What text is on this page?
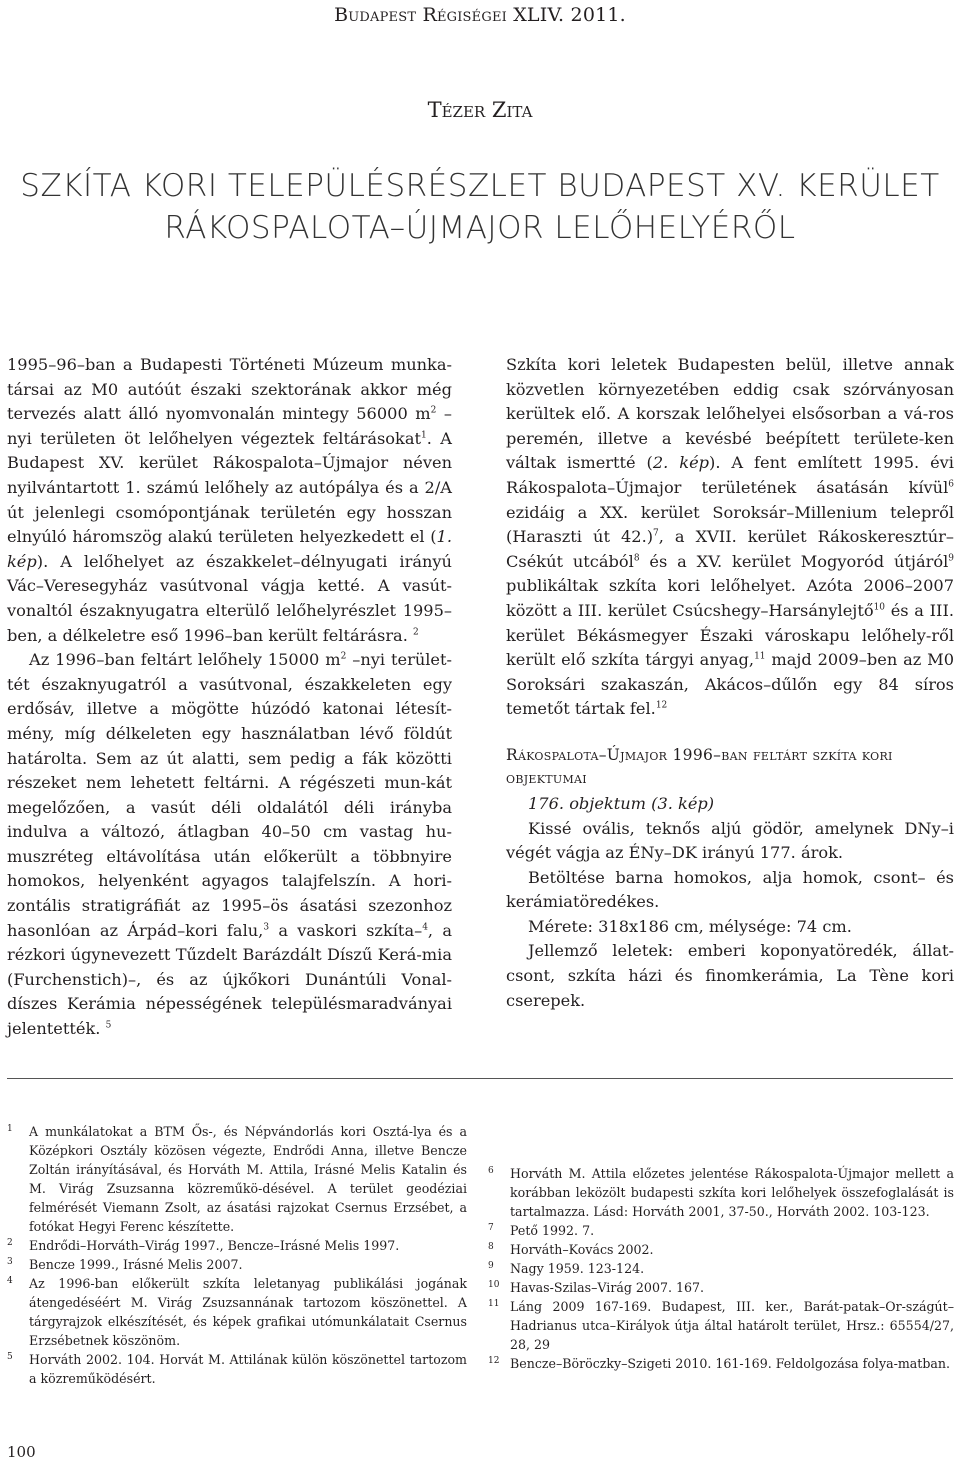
Budapest Régiségei XLIV. 2011.
Tézer Zita
SZKÍTA KORI TELEPÜLÉSRÉSZLET BUDAPEST XV. KERÜLET
RÁKOSPALOTA–ÚJMAJOR LELŐHELYÉRŐL

1995–96–ban a Budapesti Történeti Múzeum munka-társai az M0 autóút északi szektorának akkor még tervezés alatt álló nyomvonalán mintegy 56000 $m^2$ –nyi területen öt lelőhelyen végeztek feltárásokat$^1$. A Budapest XV. kerület Rákospalota–Újmajor néven nyilvántartott 1. számú lelőhely az autópálya és a 2/A út jelenlegi csomópontjának területén egy hosszan elnyúló háromszög alakú területen helyezkedett el (1. kép). A lelőhelyet az északkelet–délnyugati irányú Vác–Veresegyház vasútvonal vágja ketté. A vasút-vonaltól északnyugatra elterülő lelőhelyrészlet 1995–ben, a délkeletre eső 1996–ban került feltárásra. $^2$

Az 1996–ban feltárt lelőhely 15000 $m^2$ –nyi terület-tét északnyugatról a vasútvonal, északkeleten egy erdősáv, illetve a mögötte húzódó katonai létesít-mény, míg délkeleten egy használatban lévő földút határolta. Sem az út alatti, sem pedig a fák közötti részeket nem lehetett feltárni. A régészeti mun-kát megelőzően, a vasút déli oldalától déli irányba indulva a változó, átlagban 40–50 cm vastag hu-muszréteg eltávolítása után előkerült a többnyire homokos, helyenként agyagos talajfelszín. A hori-zontális stratigráfiát az 1995–ös ásatási szezonhoz hasonlóan az Árpád–kori falu,$^3$ a vaskori szkíta–$^4$, a rézkori úgynevezett Tűzdelt Barázdált Díszű Kerá-mia (Furchenstich)–, és az újkőkori Dunántúli Vonal-díszes Kerámia népességének településmaradványai jelentették. $^5$

Szkíta kori leletek Budapesten belül, illetve annak közvetlen környezetében eddig csak szórványosan kerültek elő. A korszak lelőhelyei elsősorban a vá-ros peremén, illetve a kevésbé beépített területe-ken váltak ismertté (2. kép). A fent említett 1995. évi Rákospalota–Újmajor területének ásatásán kívül$^6$ ezidáig a XX. kerület Soroksár–Millenium telepről (Haraszti út 42.)$^7$, a XVII. kerület Rákoskeresztúr–Csékút utcából$^8$ és a XV. kerület Mogyoród útjáról$^9$ publikáltak szkíta kori lelőhelyet. Azóta 2006–2007 között a III. kerület Csúcshegy–Harsánylejtő$^{10}$ és a III. kerület Békásmegyer Északi városkapu lelőhely-ről került elő szkíta tárgyi anyag,$^{11}$ majd 2009–ben az M0 Soroksári szakaszán, Akácos–dűlőn egy 84 síros temetőt tártak fel.$^{12}$

Rákospalota–Újmajor 1996–ban feltárt szkíta kori objektumai

176. objektum (3. kép)

Kissé ovális, teknős aljú gödör, amelynek DNy–i végét vágja az ÉNy–DK irányú 177. árok.

Betöltése barna homokos, alja homok, csont– és kerámiatöredékes.

Mérete: 318x186 cm, mélysége: 74 cm.

Jellemző leletek: emberi koponyatöredék, állat-csont, szkíta házi és finomkerámia, La Tène kori cserepek.

1 A munkálatokat a BTM Ős-, és Népvándorlás kori Osztá-lya és a Középkori Osztály közösen végezte, Endrődi Anna, illetve Bencze Zoltán irányításával, és Horváth M. Attila, Irásné Melis Katalin és M. Virág Zsuzsanna közreműkö-désével. A terület geodéziai felmérését Viemann Zsolt, az ásatási rajzokat Csernus Erzsébet, a fotókat Hegyi Ferenc készítette.

2 Endrődi–Horváth–Virág 1997., Bencze–Irásné Melis 1997.

3 Bencze 1999., Irásné Melis 2007.

4 Az 1996-ban előkerült szkíta leletanyag publikálási jogának átengedéséért M. Virág Zsuzsannának tartozom köszönettel. A tárgyrajzok elkészítését, és képek grafikai utómunkálatait Csernus Erzsébetnek köszönöm.

5 Horváth 2002. 104. Horvát M. Attilának külön köszönettel tartozom a közreműködésért.

6 Horváth M. Attila előzetes jelentése Rákospalota-Újmajor mellett a korábban leközölt budapesti szkíta kori lelőhelyek összefoglalását is tartalmazza. Lásd: Horváth 2001, 37-50., Horváth 2002. 103-123.

7 Pető 1992. 7.

8 Horváth–Kovács 2002.

9 Nagy 1959. 123-124.

10 Havas-Szilas–Virág 2007. 167.

11 Láng 2009 167-169. Budapest, III. ker., Barát-patak–Or-szágút–Hadrianus utca–Királyok útja által határolt terület, Hrsz.: 65554/27, 28, 29

12 Bencze–Böröczky–Szigeti 2010. 161-169. Feldolgozása folya-matban.

100
